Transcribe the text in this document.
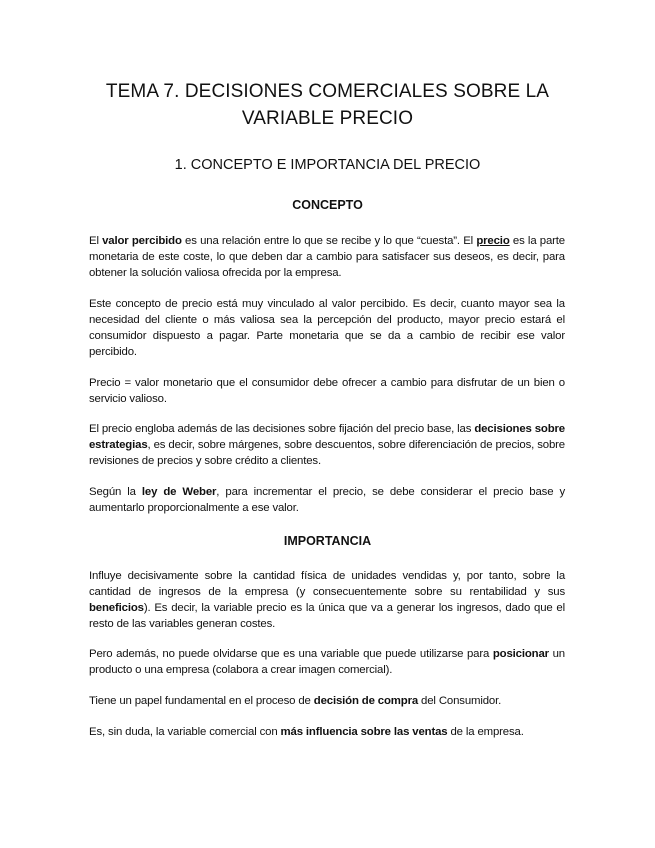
TEMA 7. DECISIONES COMERCIALES SOBRE LA
VARIABLE PRECIO
1. CONCEPTO E IMPORTANCIA DEL PRECIO
CONCEPTO
El valor percibido es una relación entre lo que se recibe y lo que “cuesta”. El precio es la parte monetaria de este coste, lo que deben dar a cambio para satisfacer sus deseos, es decir, para obtener la solución valiosa ofrecida por la empresa.
Este concepto de precio está muy vinculado al valor percibido. Es decir, cuanto mayor sea la necesidad del cliente o más valiosa sea la percepción del producto, mayor precio estará el consumidor dispuesto a pagar. Parte monetaria que se da a cambio de recibir ese valor percibido.
Precio = valor monetario que el consumidor debe ofrecer a cambio para disfrutar de un bien o servicio valioso.
El precio engloba además de las decisiones sobre fijación del precio base, las decisiones sobre estrategias, es decir, sobre márgenes, sobre descuentos, sobre diferenciación de precios, sobre revisiones de precios y sobre crédito a clientes.
Según la ley de Weber, para incrementar el precio, se debe considerar el precio base y aumentarlo proporcionalmente a ese valor.
IMPORTANCIA
Influye decisivamente sobre la cantidad física de unidades vendidas y, por tanto, sobre la cantidad de ingresos de la empresa (y consecuentemente sobre su rentabilidad y sus beneficios). Es decir, la variable precio es la única que va a generar los ingresos, dado que el resto de las variables generan costes.
Pero además, no puede olvidarse que es una variable que puede utilizarse para posicionar un producto o una empresa (colabora a crear imagen comercial).
Tiene un papel fundamental en el proceso de decisión de compra del Consumidor.
Es, sin duda, la variable comercial con más influencia sobre las ventas de la empresa.
